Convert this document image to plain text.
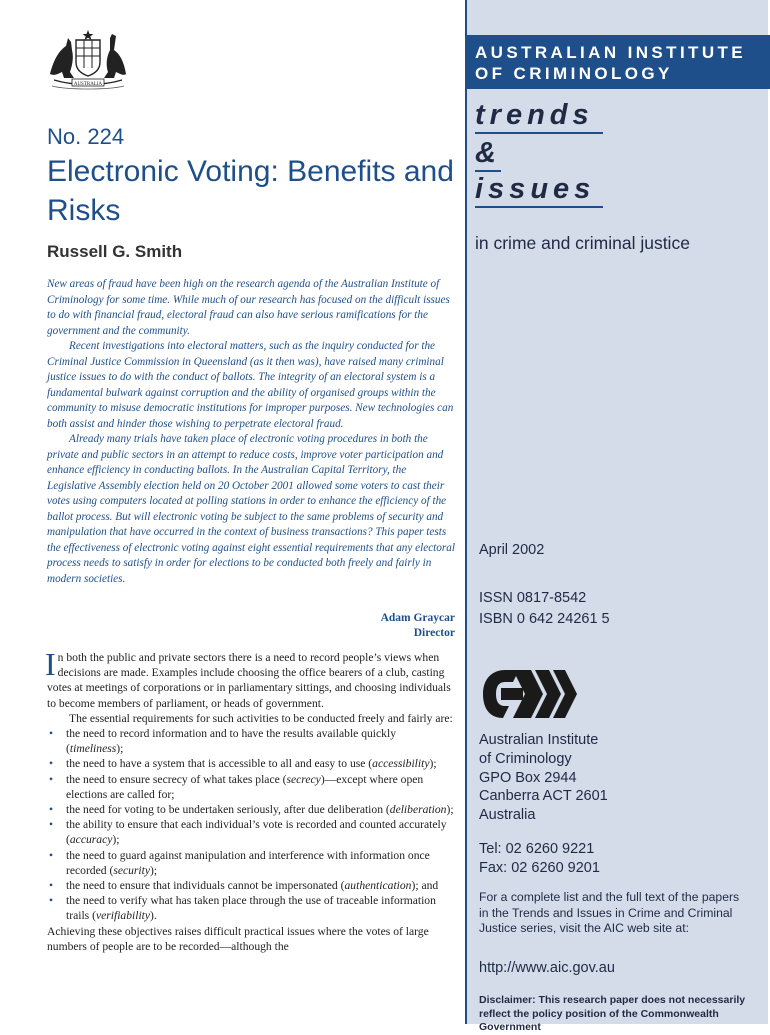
AUSTRALIA
No. 224
Electronic Voting: Benefits and Risks
Russell G. Smith

New areas of fraud have been high on the research agenda of the Australian Institute of Criminology for some time. While much of our research has focused on the difficult issues to do with financial fraud, electoral fraud can also have serious ramifications for the government and the community.

Recent investigations into electoral matters, such as the inquiry conducted for the Criminal Justice Commission in Queensland (as it then was), have raised many criminal justice issues to do with the conduct of ballots. The integrity of an electoral system is a fundamental bulwark against corruption and the ability of organised groups within the community to misuse democratic institutions for improper purposes. New technologies can both assist and hinder those wishing to perpetrate electoral fraud.

Already many trials have taken place of electronic voting procedures in both the private and public sectors in an attempt to reduce costs, improve voter participation and enhance efficiency in conducting ballots. In the Australian Capital Territory, the Legislative Assembly election held on 20 October 2001 allowed some voters to cast their votes using computers located at polling stations in order to enhance the efficiency of the ballot process. But will electronic voting be subject to the same problems of security and manipulation that have occurred in the context of business transactions? This paper tests the effectiveness of electronic voting against eight essential requirements that any electoral process needs to satisfy in order for elections to be conducted both freely and fairly in modern societies.

Adam Graycar
Director

In both the public and private sectors there is a need to record people’s views when decisions are made. Examples include choosing the office bearers of a club, casting votes at meetings of corporations or in parliamentary sittings, and choosing individuals to become members of parliament, or heads of government.

The essential requirements for such activities to be conducted freely and fairly are:

• the need to record information and to have the results available quickly (timeliness);
• the need to have a system that is accessible to all and easy to use (accessibility);
• the need to ensure secrecy of what takes place (secrecy)—except where open elections are called for;
• the need for voting to be undertaken seriously, after due deliberation (deliberation);
• the ability to ensure that each individual’s vote is recorded and counted accurately (accuracy);
• the need to guard against manipulation and interference with information once recorded (security);
• the need to ensure that individuals cannot be impersonated (authentication); and
• the need to verify what has taken place through the use of traceable information trails (verifiability).

Achieving these objectives raises difficult practical issues where the votes of large numbers of people are to be recorded—although the

AUSTRALIAN INSTITUTE
OF CRIMINOLOGY
trends
&
issues
in crime and criminal justice
April 2002
ISSN 0817-8542
ISBN 0 642 24261 5
Australian Institute
of Criminology
GPO Box 2944
Canberra ACT 2601
Australia
Tel: 02 6260 9221
Fax: 02 6260 9201
For a complete list and the full text of the papers in the Trends and Issues in Crime and Criminal Justice series, visit the AIC web site at:
http://www.aic.gov.au
Disclaimer: This research paper does not necessarily reflect the policy position of the Commonwealth Government
